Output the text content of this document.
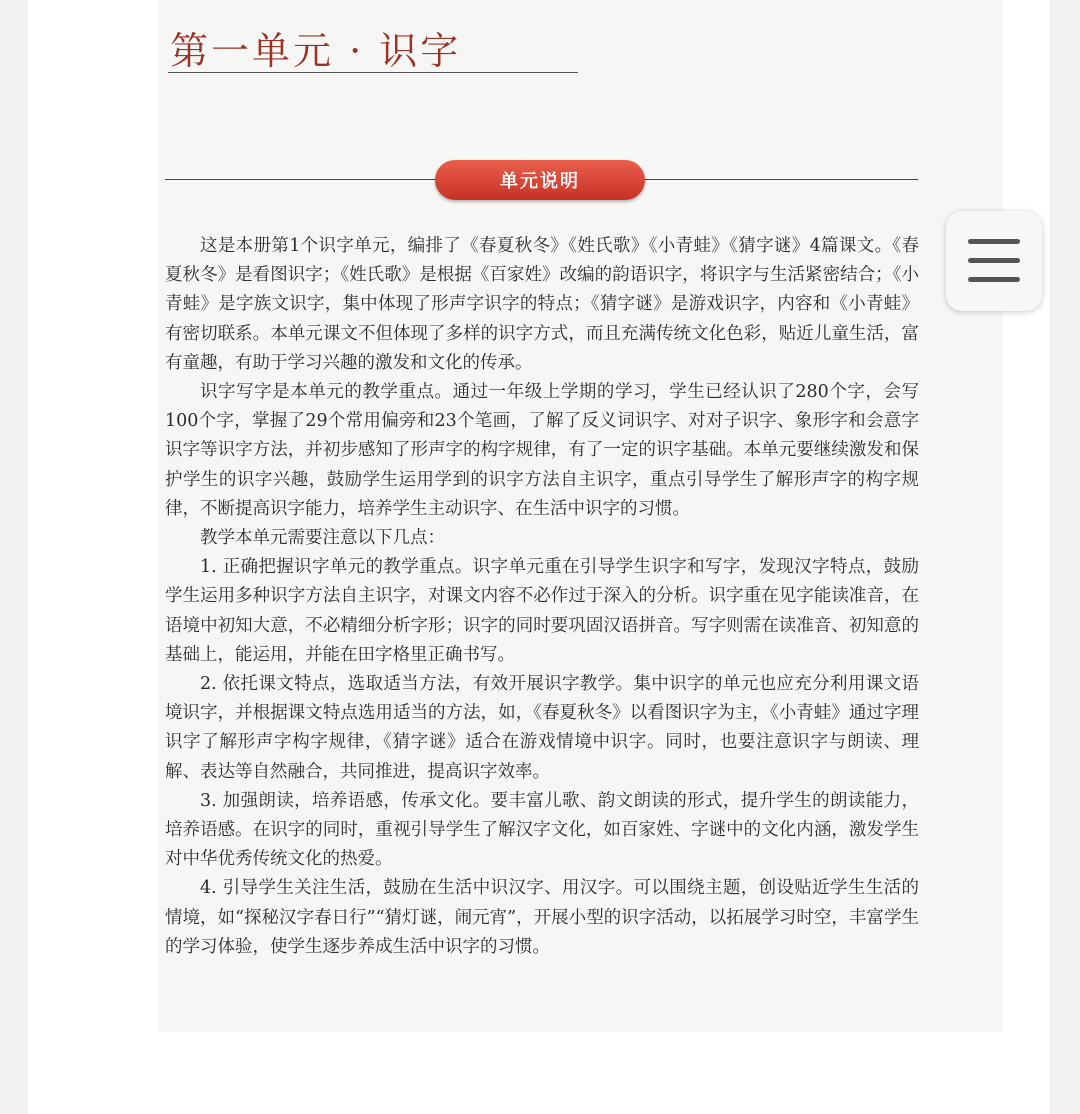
第一单元 · 识字
单元说明

这是本册第1个识字单元，编排了《春夏秋冬》《姓氏歌》《小青蛙》《猜字谜》4篇课文。《春夏秋冬》是看图识字；《姓氏歌》是根据《百家姓》改编的韵语识字，将识字与生活紧密结合；《小青蛙》是字族文识字，集中体现了形声字识字的特点；《猜字谜》是游戏识字，内容和《小青蛙》有密切联系。本单元课文不但体现了多样的识字方式，而且充满传统文化色彩，贴近儿童生活，富有童趣，有助于学习兴趣的激发和文化的传承。

识字写字是本单元的教学重点。通过一年级上学期的学习，学生已经认识了280个字，会写100个字，掌握了29个常用偏旁和23个笔画，了解了反义词识字、对对子识字、象形字和会意字识字等识字方法，并初步感知了形声字的构字规律，有了一定的识字基础。本单元要继续激发和保护学生的识字兴趣，鼓励学生运用学到的识字方法自主识字，重点引导学生了解形声字的构字规律，不断提高识字能力，培养学生主动识字、在生活中识字的习惯。

教学本单元需要注意以下几点：

1. 正确把握识字单元的教学重点。识字单元重在引导学生识字和写字，发现汉字特点，鼓励学生运用多种识字方法自主识字，对课文内容不必作过于深入的分析。识字重在见字能读准音，在语境中初知大意，不必精细分析字形；识字的同时要巩固汉语拼音。写字则需在读准音、初知意的基础上，能运用，并能在田字格里正确书写。

2. 依托课文特点，选取适当方法，有效开展识字教学。集中识字的单元也应充分利用课文语境识字，并根据课文特点选用适当的方法，如，《春夏秋冬》以看图识字为主，《小青蛙》通过字理识字了解形声字构字规律，《猜字谜》适合在游戏情境中识字。同时，也要注意识字与朗读、理解、表达等自然融合，共同推进，提高识字效率。

3. 加强朗读，培养语感，传承文化。要丰富儿歌、韵文朗读的形式，提升学生的朗读能力，培养语感。在识字的同时，重视引导学生了解汉字文化，如百家姓、字谜中的文化内涵，激发学生对中华优秀传统文化的热爱。

4. 引导学生关注生活，鼓励在生活中识汉字、用汉字。可以围绕主题，创设贴近学生生活的情境，如“探秘汉字春日行”“猜灯谜，闹元宵”，开展小型的识字活动，以拓展学习时空，丰富学生的学习体验，使学生逐步养成生活中识字的习惯。
